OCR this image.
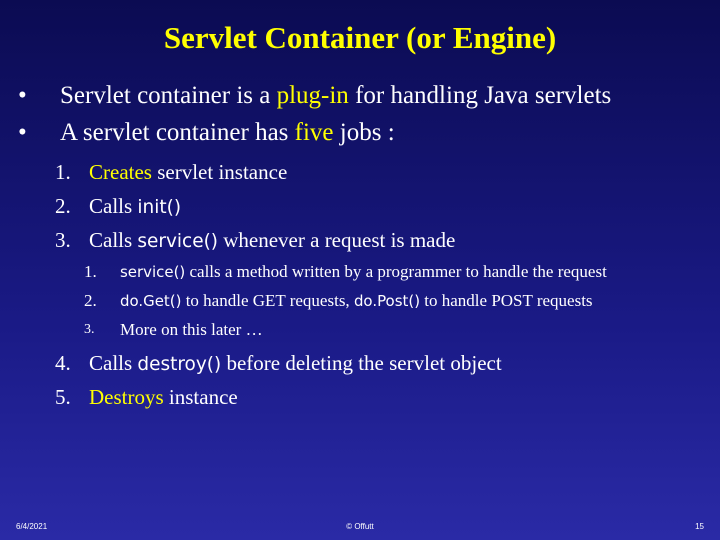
Servlet Container (or Engine)
• Servlet container is a plug-in for handling Java servlets
• A servlet container has five jobs :
1. Creates servlet instance
2. Calls init()
3. Calls service() whenever a request is made
1. service() calls a method written by a programmer to handle the request
2. do.Get() to handle GET requests, do.Post() to handle POST requests
3. More on this later …
4. Calls destroy() before deleting the servlet object
5. Destroys instance
6/4/2021	© Offutt	15
